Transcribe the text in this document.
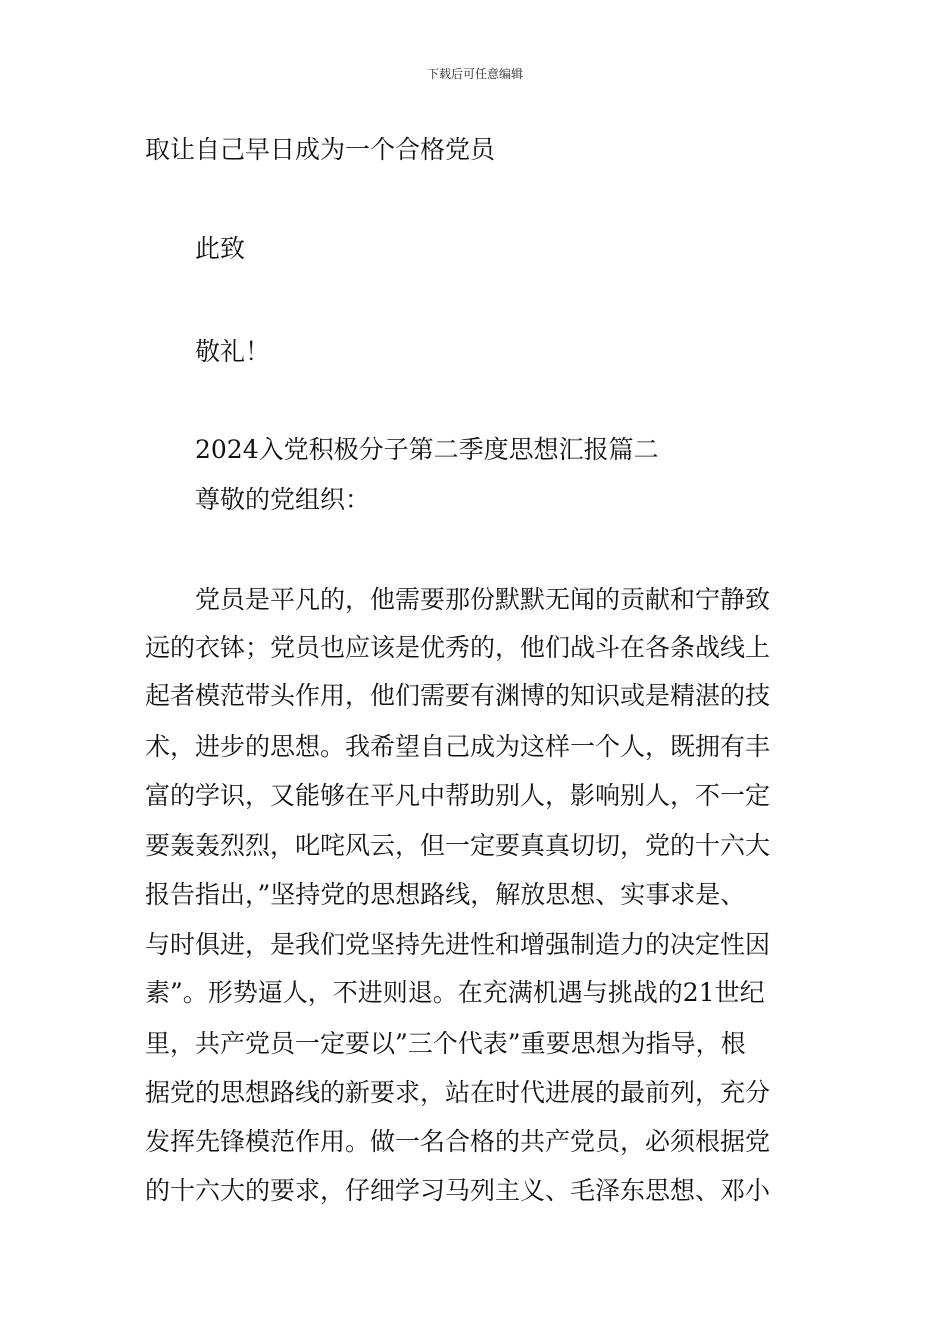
下载后可任意编辑
取让自己早日成为一个合格党员
此致
敬礼！
2024入党积极分子第二季度思想汇报篇二
尊敬的党组织：
党员是平凡的，他需要那份默默无闻的贡献和宁静致
远的衣钵；党员也应该是优秀的，他们战斗在各条战线上
起者模范带头作用，他们需要有渊博的知识或是精湛的技
术，进步的思想。我希望自己成为这样一个人，既拥有丰
富的学识，又能够在平凡中帮助别人，影响别人，不一定
要轰轰烈烈，叱咤风云，但一定要真真切切，党的十六大
报告指出，”坚持党的思想路线，解放思想、实事求是、
与时俱进，是我们党坚持先进性和增强制造力的决定性因
素”。形势逼人，不进则退。在充满机遇与挑战的21世纪
里，共产党员一定要以”三个代表”重要思想为指导，根
据党的思想路线的新要求，站在时代进展的最前列，充分
发挥先锋模范作用。做一名合格的共产党员，必须根据党
的十六大的要求，仔细学习马列主义、毛泽东思想、邓小
